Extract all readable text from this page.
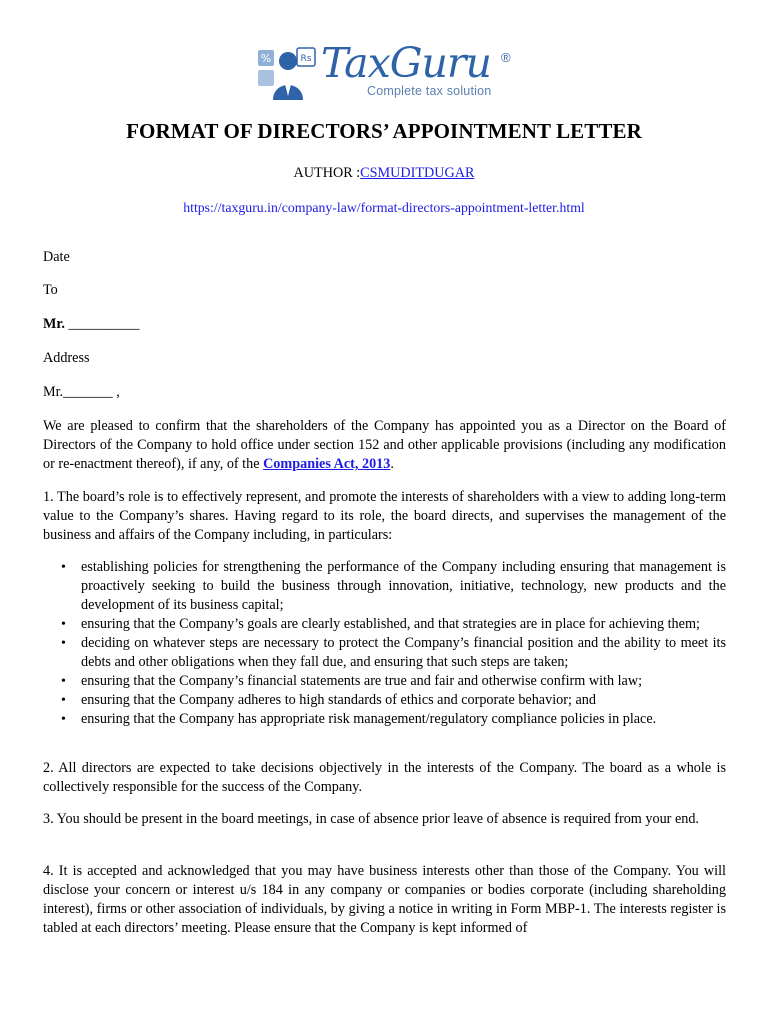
%	Rs TaxGuru ®
Complete tax solution
FORMAT OF DIRECTORS’ APPOINTMENT LETTER
AUTHOR :CSMUDITDUGAR
https://taxguru.in/company-law/format-directors-appointment-letter.html
Date
To
Mr. __________
Address
Mr._______ ,
We are pleased to confirm that the shareholders of the Company has appointed you as a Director on the Board of Directors of the Company to hold office under section 152 and other applicable provisions (including any modification or re-enactment thereof), if any, of the Companies Act, 2013.
1. The board’s role is to effectively represent, and promote the interests of shareholders with a view to adding long-term value to the Company’s shares. Having regard to its role, the board directs, and supervises the management of the business and affairs of the Company including, in particulars:
• establishing policies for strengthening the performance of the Company including ensuring that management is proactively seeking to build the business through innovation, initiative, technology, new products and the development of its business capital;
• ensuring that the Company’s goals are clearly established, and that strategies are in place for achieving them;
• deciding on whatever steps are necessary to protect the Company’s financial position and the ability to meet its debts and other obligations when they fall due, and ensuring that such steps are taken;
• ensuring that the Company’s financial statements are true and fair and otherwise confirm with law;
• ensuring that the Company adheres to high standards of ethics and corporate behavior; and
• ensuring that the Company has appropriate risk management/regulatory compliance policies in place.
2. All directors are expected to take decisions objectively in the interests of the Company. The board as a whole is collectively responsible for the success of the Company.
3. You should be present in the board meetings, in case of absence prior leave of absence is required from your end.
4. It is accepted and acknowledged that you may have business interests other than those of the Company. You will disclose your concern or interest u/s 184 in any company or companies or bodies corporate (including shareholding interest), firms or other association of individuals, by giving a notice in writing in Form MBP-1. The interests register is tabled at each directors’ meeting. Please ensure that the Company is kept informed of
